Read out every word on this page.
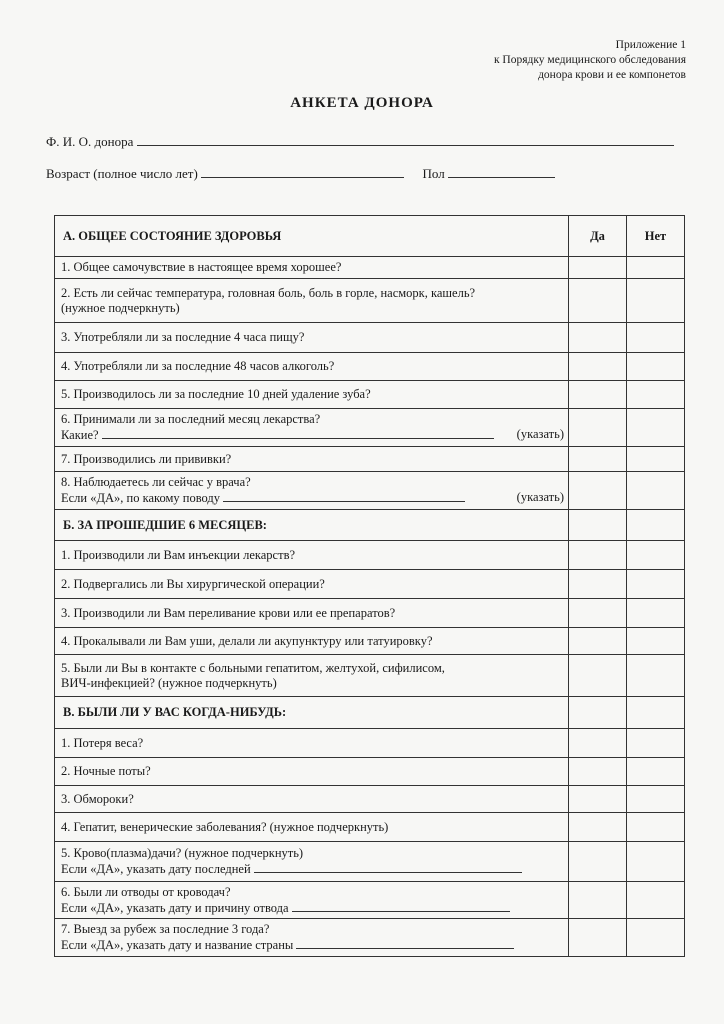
Приложение 1
к Порядку медицинского обследования
донора крови и ее компонетов
АНКЕТА ДОНОРА
Ф. И. О. донора
Возраст (полное число лет)	Пол
А. ОБЩЕЕ СОСТОЯНИЕ ЗДОРОВЬЯ	Да	Нет
1. Общее самочувствие в настоящее время хорошее?		

2. Есть ли сейчас температура, головная боль, боль в горле, насморк, кашель?
(нужное подчеркнуть)		

3. Употребляли ли за последние 4 часа пищу?		
4. Употребляли ли за последние 48 часов алкоголь?		
5. Производилось ли за последние 10 дней удаление зуба?		

6. Принимали ли за последний месяц лекарства?
Какие? (указать)		

7. Производились ли прививки?		

8. Наблюдаетесь ли сейчас у врача?
Если «ДА», по какому поводу (указать)		

Б. ЗА ПРОШЕДШИЕ 6 МЕСЯЦЕВ:		
1. Производили ли Вам инъекции лекарств?		
2. Подвергались ли Вы хирургической операции?		
3. Производили ли Вам переливание крови или ее препаратов?		
4. Прокалывали ли Вам уши, делали ли акупунктуру или татуировку?		

5. Были ли Вы в контакте с больными гепатитом, желтухой, сифилисом,
ВИЧ-инфекцией? (нужное подчеркнуть)		

В. БЫЛИ ЛИ У ВАС КОГДА-НИБУДЬ:		
1. Потеря веса?		
2. Ночные поты?		
3. Обмороки?		
4. Гепатит, венерические заболевания? (нужное подчеркнуть)		

5. Крово(плазма)дачи? (нужное подчеркнуть)
Если «ДА», указать дату последней		

6. Были ли отводы от кроводач?
Если «ДА», указать дату и причину отвода		

7. Выезд за рубеж за последние 3 года?
Если «ДА», указать дату и название страны		
